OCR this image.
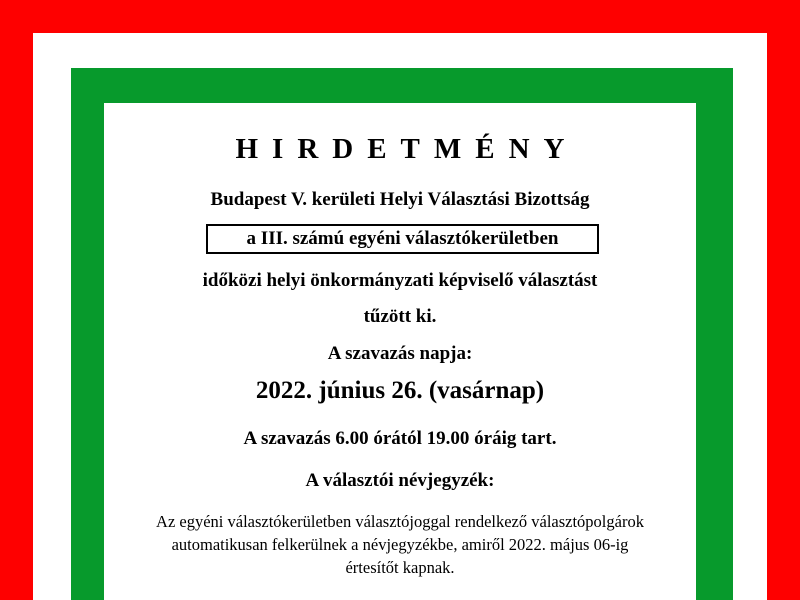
HIRDETMÉNY
Budapest V. kerületi Helyi Választási Bizottság
a III. számú egyéni választókerületben
időközi helyi önkormányzati képviselő választást
tűzött ki.
A szavazás napja:
2022. június 26. (vasárnap)
A szavazás 6.00 órától 19.00 óráig tart.
A választói névjegyzék:
Az egyéni választókerületben választójoggal rendelkező választópolgárok
automatikusan felkerülnek a névjegyzékbe, amiről 2022. május 06-ig
értesítőt kapnak.
